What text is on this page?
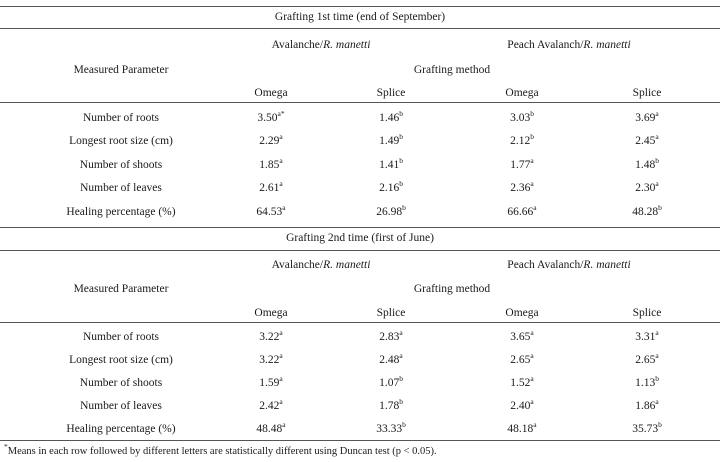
Grafting 1st time (end of September)
Avalanche/R. manetti	Peach Avalanch/R. manetti
Measured Parameter	Grafting method
Omega	Splice	Omega	Splice
Number of roots	$3.50^{a*}$	1.46$^b$	3.03$^b$	3.69$^a$
Longest root size (cm)	2.29$^a$	1.49$^b$	2.12$^b$	2.45$^a$
Number of shoots	1.85$^a$	1.41$^b$	1.77$^a$	1.48$^b$
Number of leaves	2.61$^a$	2.16$^b$	2.36$^a$	2.30$^a$
Healing percentage (%)	64.53$^a$	26.98$^b$	66.66$^a$	48.28$^b$
Grafting 2nd time (first of June)
Avalanche/R. manetti	Peach Avalanch/R. manetti
Measured Parameter	Grafting method
Omega	Splice	Omega	Splice
Number of roots	3.22$^a$	2.83$^a$	3.65$^a$	3.31$^a$
Longest root size (cm)	3.22$^a$	2.48$^a$	2.65$^a$	2.65$^a$
Number of shoots	1.59$^a$	1.07$^b$	1.52$^a$	1.13$^b$
Number of leaves	2.42$^a$	1.78$^b$	2.40$^a$	1.86$^a$
Healing percentage (%)	48.48$^a$	33.33$^b$	48.18$^a$	35.73$^b$
*Means in each row followed by different letters are statistically different using Duncan test (p < 0.05).
